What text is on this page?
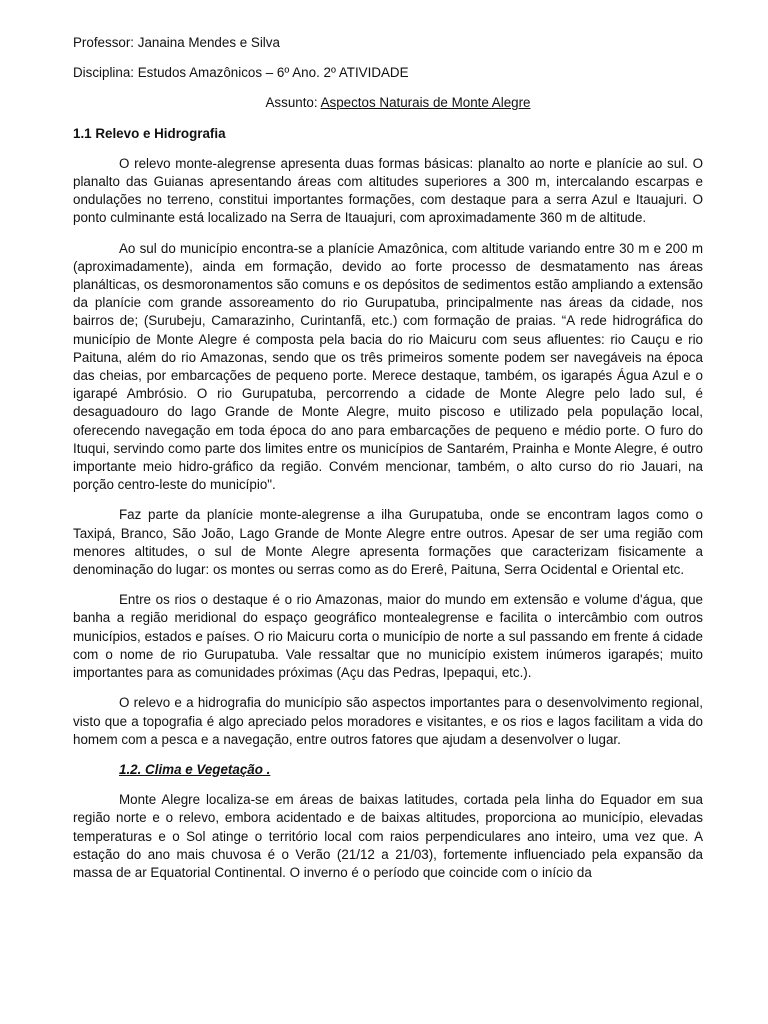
Professor: Janaina Mendes e Silva
Disciplina: Estudos Amazônicos – 6º Ano. 2º ATIVIDADE
Assunto: Aspectos Naturais de Monte Alegre
1.1 Relevo e Hidrografia

O relevo monte-alegrense apresenta duas formas básicas: planalto ao norte e planície ao sul. O planalto das Guianas apresentando áreas com altitudes superiores a 300 m, intercalando escarpas e ondulações no terreno, constitui importantes formações, com destaque para a serra Azul e Itauajuri. O ponto culminante está localizado na Serra de Itauajuri, com aproximadamente 360 m de altitude.

Ao sul do município encontra-se a planície Amazônica, com altitude variando entre 30 m e 200 m (aproximadamente), ainda em formação, devido ao forte processo de desmatamento nas áreas planálticas, os desmoronamentos são comuns e os depósitos de sedimentos estão ampliando a extensão da planície com grande assoreamento do rio Gurupatuba, principalmente nas áreas da cidade, nos bairros de; (Surubeju, Camarazinho, Curintanfã, etc.) com formação de praias. “A rede hidrográfica do município de Monte Alegre é composta pela bacia do rio Maicuru com seus afluentes: rio Cauçu e rio Paituna, além do rio Amazonas, sendo que os três primeiros somente podem ser navegáveis na época das cheias, por embarcações de pequeno porte. Merece destaque, também, os igarapés Água Azul e o igarapé Ambrósio. O rio Gurupatuba, percorrendo a cidade de Monte Alegre pelo lado sul, é desaguadouro do lago Grande de Monte Alegre, muito piscoso e utilizado pela população local, oferecendo navegação em toda época do ano para embarcações de pequeno e médio porte. O furo do Ituqui, servindo como parte dos limites entre os municípios de Santarém, Prainha e Monte Alegre, é outro importante meio hidro-gráfico da região. Convém mencionar, também, o alto curso do rio Jauari, na porção centro-leste do município".

Faz parte da planície monte-alegrense a ilha Gurupatuba, onde se encontram lagos como o Taxipá, Branco, São João, Lago Grande de Monte Alegre entre outros. Apesar de ser uma região com menores altitudes, o sul de Monte Alegre apresenta formações que caracterizam fisicamente a denominação do lugar: os montes ou serras como as do Ererê, Paituna, Serra Ocidental e Oriental etc.

Entre os rios o destaque é o rio Amazonas, maior do mundo em extensão e volume d'água, que banha a região meridional do espaço geográfico montealegrense e facilita o intercâmbio com outros municípios, estados e países. O rio Maicuru corta o município de norte a sul passando em frente á cidade com o nome de rio Gurupatuba. Vale ressaltar que no município existem inúmeros igarapés; muito importantes para as comunidades próximas (Açu das Pedras, Ipepaqui, etc.).

O relevo e a hidrografia do município são aspectos importantes para o desenvolvimento regional, visto que a topografia é algo apreciado pelos moradores e visitantes, e os rios e lagos facilitam a vida do homem com a pesca e a navegação, entre outros fatores que ajudam a desenvolver o lugar.

1.2. Clima e Vegetação .

Monte Alegre localiza-se em áreas de baixas latitudes, cortada pela linha do Equador em sua região norte e o relevo, embora acidentado e de baixas altitudes, proporciona ao município, elevadas temperaturas e o Sol atinge o território local com raios perpendiculares ano inteiro, uma vez que. A estação do ano mais chuvosa é o Verão (21/12 a 21/03), fortemente influenciado pela expansão da massa de ar Equatorial Continental. O inverno é o período que coincide com o início da
